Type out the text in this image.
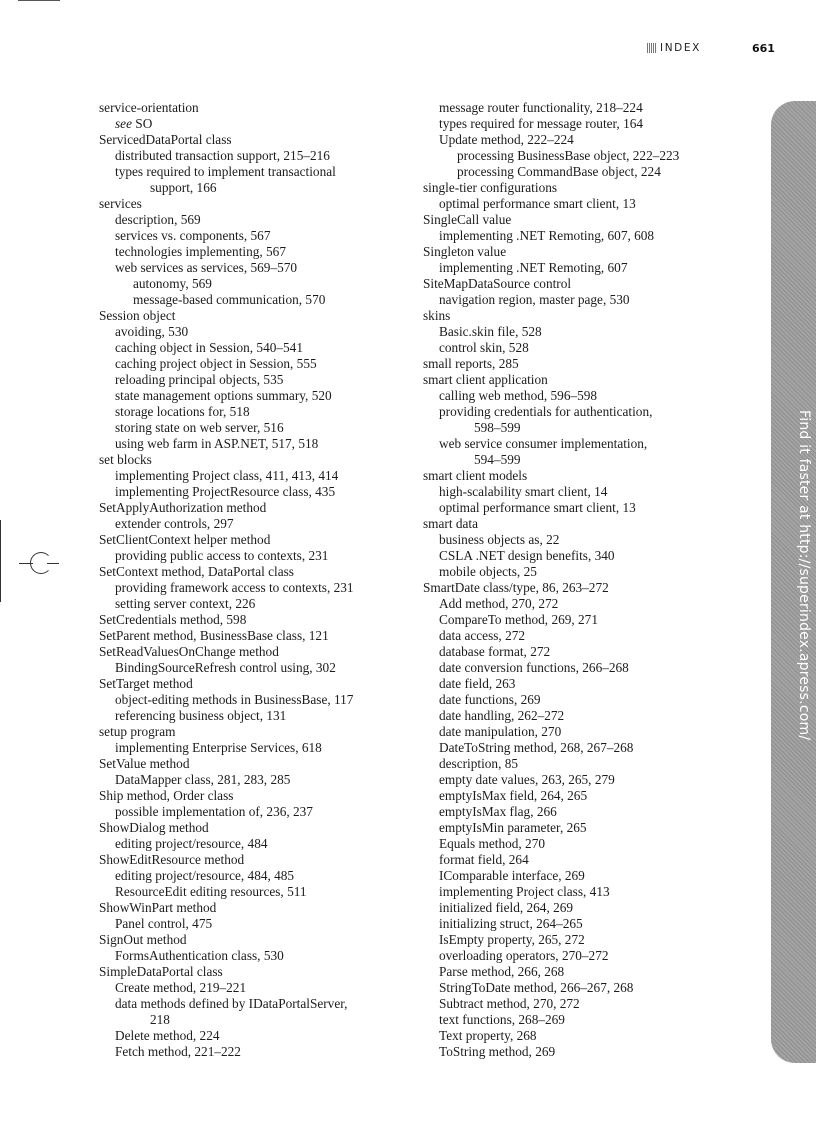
INDEX	661
service-orientation
see SO
ServicedDataPortal class
distributed transaction support, 215–216
types required to implement transactional
support, 166
services
description, 569
services vs. components, 567
technologies implementing, 567
web services as services, 569–570
autonomy, 569
message-based communication, 570
Session object
avoiding, 530
caching object in Session, 540–541
caching project object in Session, 555
reloading principal objects, 535
state management options summary, 520
storage locations for, 518
storing state on web server, 516
using web farm in ASP.NET, 517, 518
set blocks
implementing Project class, 411, 413, 414
implementing ProjectResource class, 435
SetApplyAuthorization method
extender controls, 297
SetClientContext helper method
providing public access to contexts, 231
SetContext method, DataPortal class
providing framework access to contexts, 231
setting server context, 226
SetCredentials method, 598
SetParent method, BusinessBase class, 121
SetReadValuesOnChange method
BindingSourceRefresh control using, 302
SetTarget method
object-editing methods in BusinessBase, 117
referencing business object, 131
setup program
implementing Enterprise Services, 618
SetValue method
DataMapper class, 281, 283, 285
Ship method, Order class
possible implementation of, 236, 237
ShowDialog method
editing project/resource, 484
ShowEditResource method
editing project/resource, 484, 485
ResourceEdit editing resources, 511
ShowWinPart method
Panel control, 475
SignOut method
FormsAuthentication class, 530
SimpleDataPortal class
Create method, 219–221
data methods defined by IDataPortalServer,
218
Delete method, 224
Fetch method, 221–222
message router functionality, 218–224
types required for message router, 164
Update method, 222–224
processing BusinessBase object, 222–223
processing CommandBase object, 224
single-tier configurations
optimal performance smart client, 13
SingleCall value
implementing .NET Remoting, 607, 608
Singleton value
implementing .NET Remoting, 607
SiteMapDataSource control
navigation region, master page, 530
skins
Basic.skin file, 528
control skin, 528
small reports, 285
smart client application
calling web method, 596–598
providing credentials for authentication,
598–599
web service consumer implementation,
594–599
smart client models
high-scalability smart client, 14
optimal performance smart client, 13
smart data
business objects as, 22
CSLA .NET design benefits, 340
mobile objects, 25
SmartDate class/type, 86, 263–272
Add method, 270, 272
CompareTo method, 269, 271
data access, 272
database format, 272
date conversion functions, 266–268
date field, 263
date functions, 269
date handling, 262–272
date manipulation, 270
DateToString method, 268, 267–268
description, 85
empty date values, 263, 265, 279
emptyIsMax field, 264, 265
emptyIsMax flag, 266
emptyIsMin parameter, 265
Equals method, 270
format field, 264
IComparable interface, 269
implementing Project class, 413
initialized field, 264, 269
initializing struct, 264–265
IsEmpty property, 265, 272
overloading operators, 270–272
Parse method, 266, 268
StringToDate method, 266–267, 268
Subtract method, 270, 272
text functions, 268–269
Text property, 268
ToString method, 269
Find it faster at http://superindex.apress.com/
